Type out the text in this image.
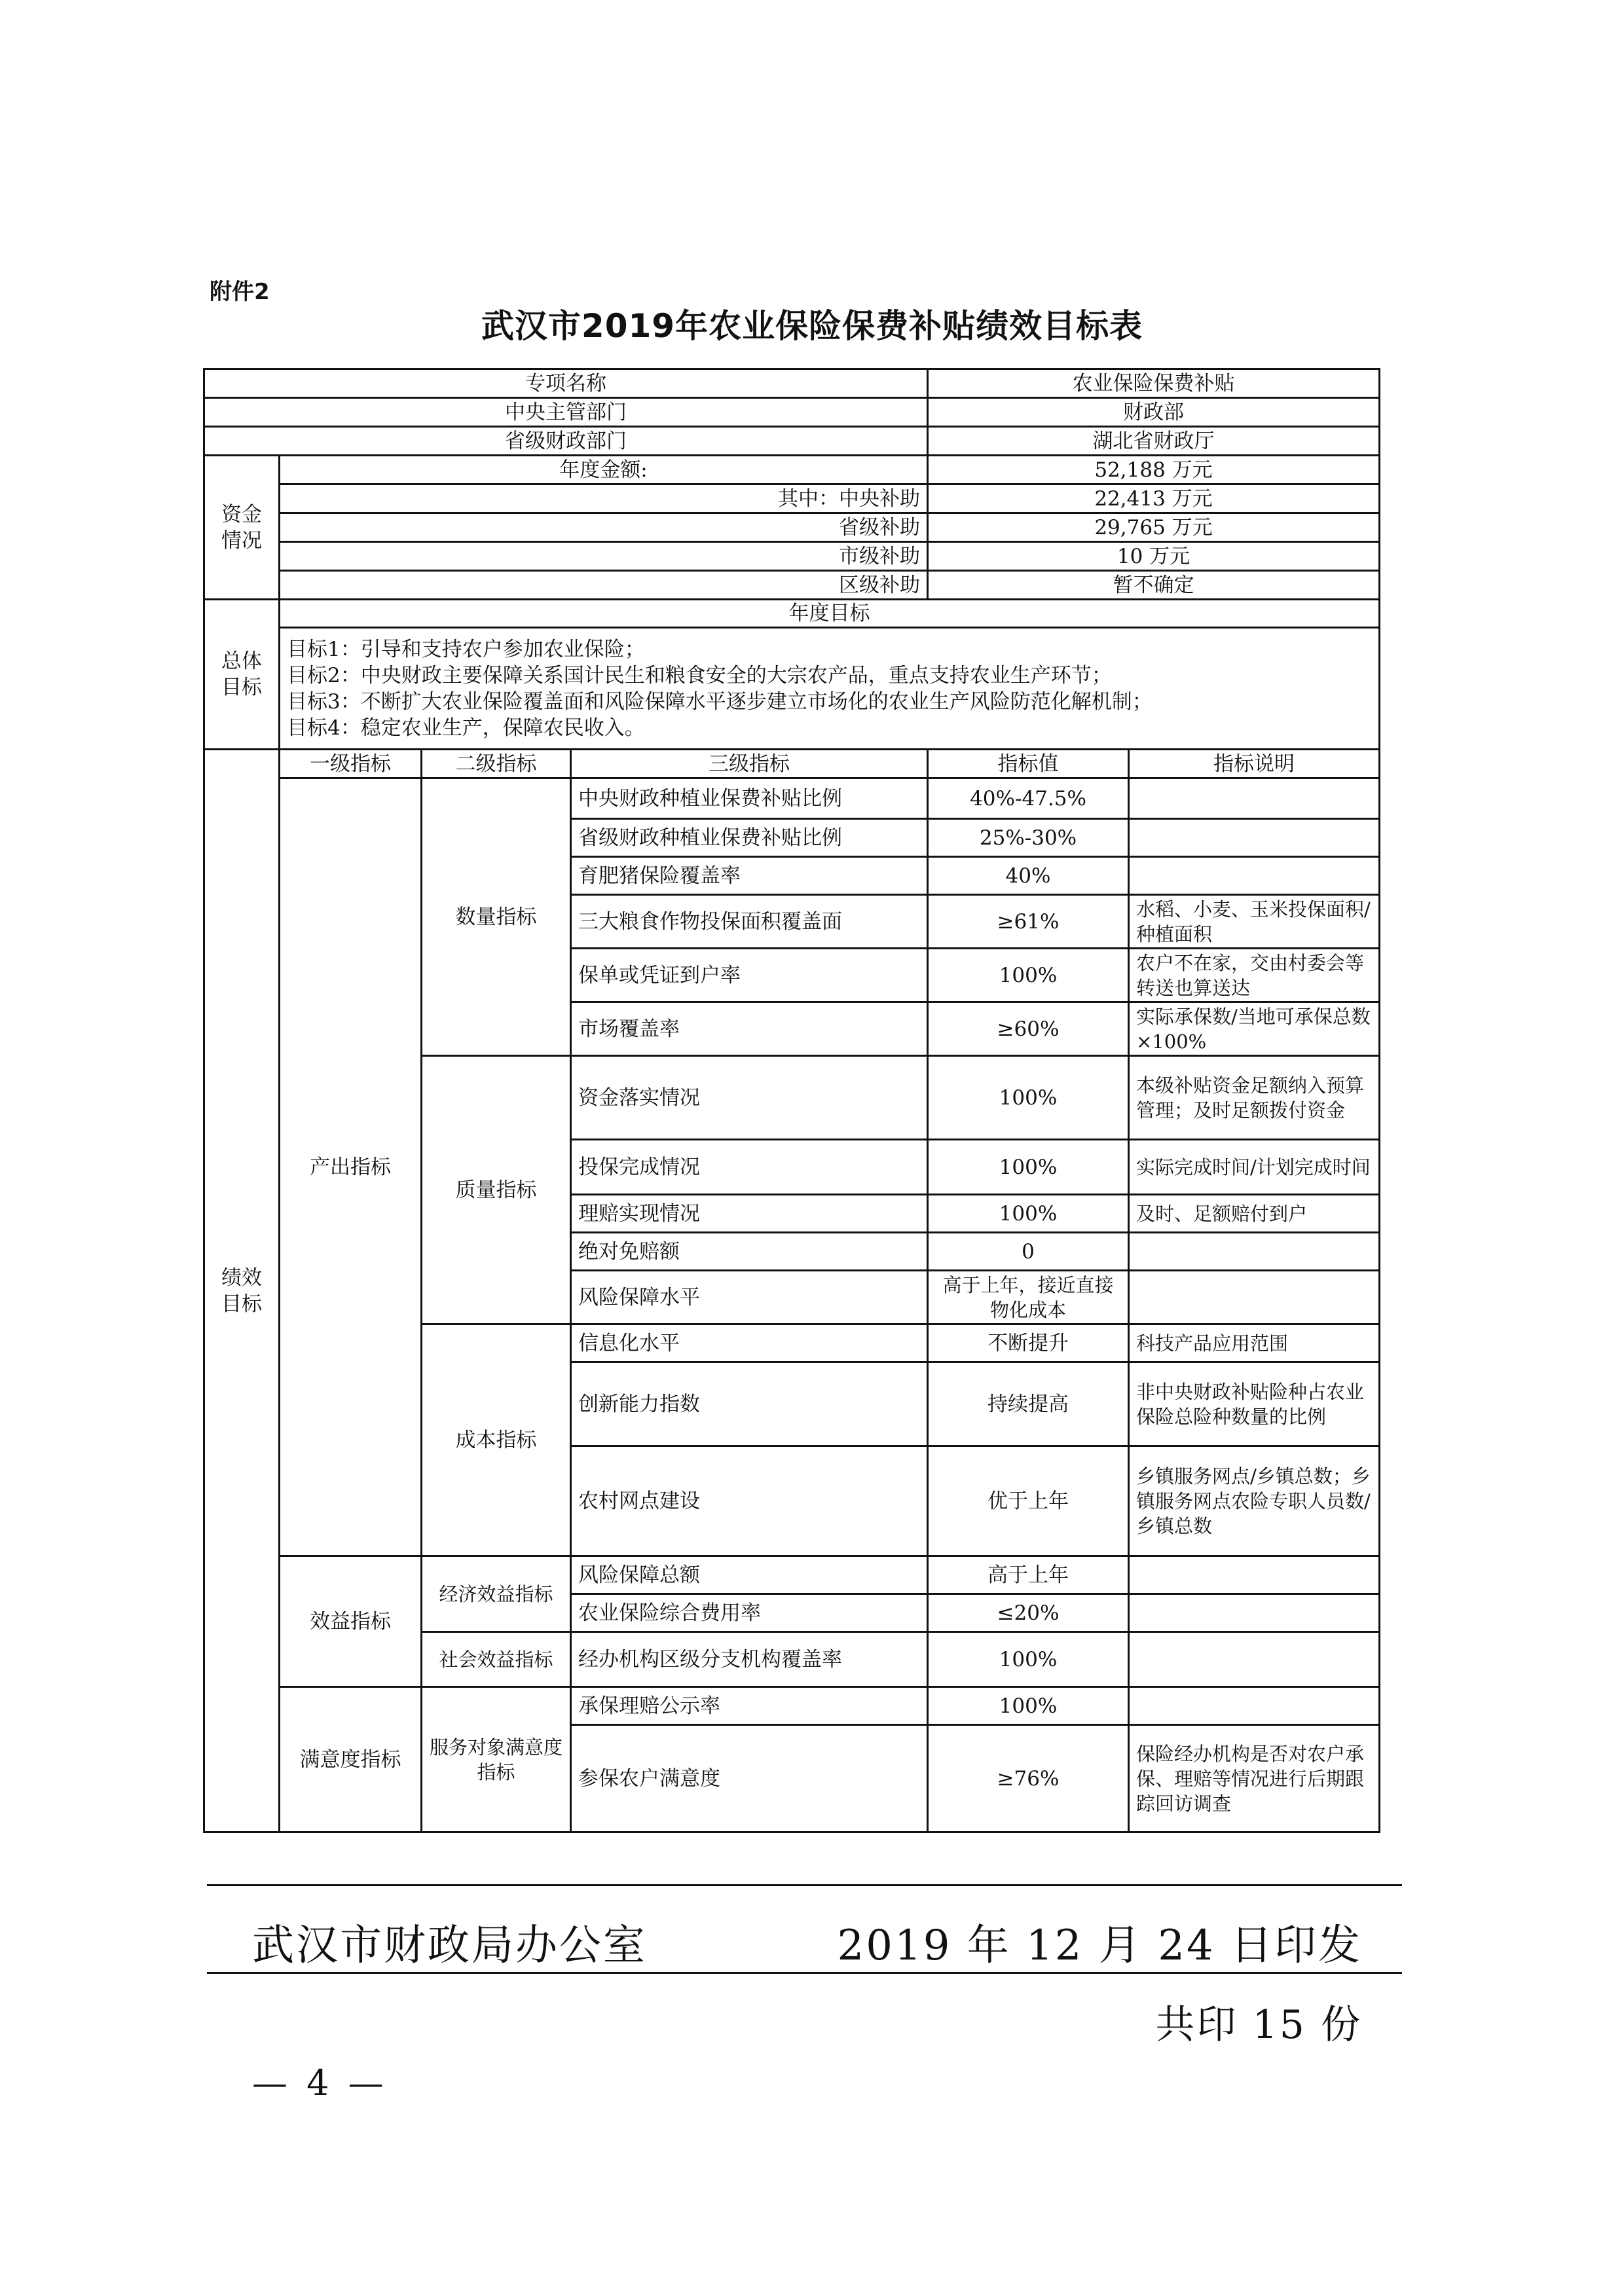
附件2
武汉市2019年农业保险保费补贴绩效目标表
专项名称				农业保险保费补贴	
中央主管部门				财政部	
省级财政部门				湖北省财政厅	
资金情况	年度金额:			52,188 万元	
	其中：中央补助			22,413 万元	
	省级补助			29,765 万元	
	市级补助			10 万元	
	区级补助			暂不确定	
总体目标	年度目标				

	目标1：引导和支持农户参加农业保险；
目标2：中央财政主要保障关系国计民生和粮食安全的大宗农产品，重点支持农业生产环节；
目标3：不断扩大农业保险覆盖面和风险保障水平逐步建立市场化的农业生产风险防范化解机制；
目标4：稳定农业生产，保障农民收入。				

绩效目标	一级指标	二级指标	三级指标	指标值	指标说明
	产出指标	数量指标	中央财政种植业保费补贴比例	40%-47.5%	
			省级财政种植业保费补贴比例	25%-30%	
			育肥猪保险覆盖率	40%	
			三大粮食作物投保面积覆盖面	≥61%	水稻、小麦、玉米投保面积/种植面积
			保单或凭证到户率	100%	农户不在家，交由村委会等转送也算送达
			市场覆盖率	≥60%	实际承保数/当地可承保总数×100%
		质量指标	资金落实情况	100%	本级补贴资金足额纳入预算管理；及时足额拨付资金
			投保完成情况	100%	实际完成时间/计划完成时间
			理赔实现情况	100%	及时、足额赔付到户
			绝对免赔额	0	
			风险保障水平	高于上年，接近直接物化成本	
		成本指标	信息化水平	不断提升	科技产品应用范围
			创新能力指数	持续提高	非中央财政补贴险种占农业保险总险种数量的比例
			农村网点建设	优于上年	乡镇服务网点/乡镇总数；乡镇服务网点农险专职人员数/乡镇总数
	效益指标	经济效益指标	风险保障总额	高于上年	
			农业保险综合费用率	≤20%	
		社会效益指标	经办机构区级分支机构覆盖率	100%	
	满意度指标	服务对象满意度指标	承保理赔公示率	100%	
			参保农户满意度	≥76%	保险经办机构是否对农户承保、理赔等情况进行后期跟踪回访调查
武汉市财政局办公室	2019 年 12 月 24 日印发
共印 15 份
— 4 —
